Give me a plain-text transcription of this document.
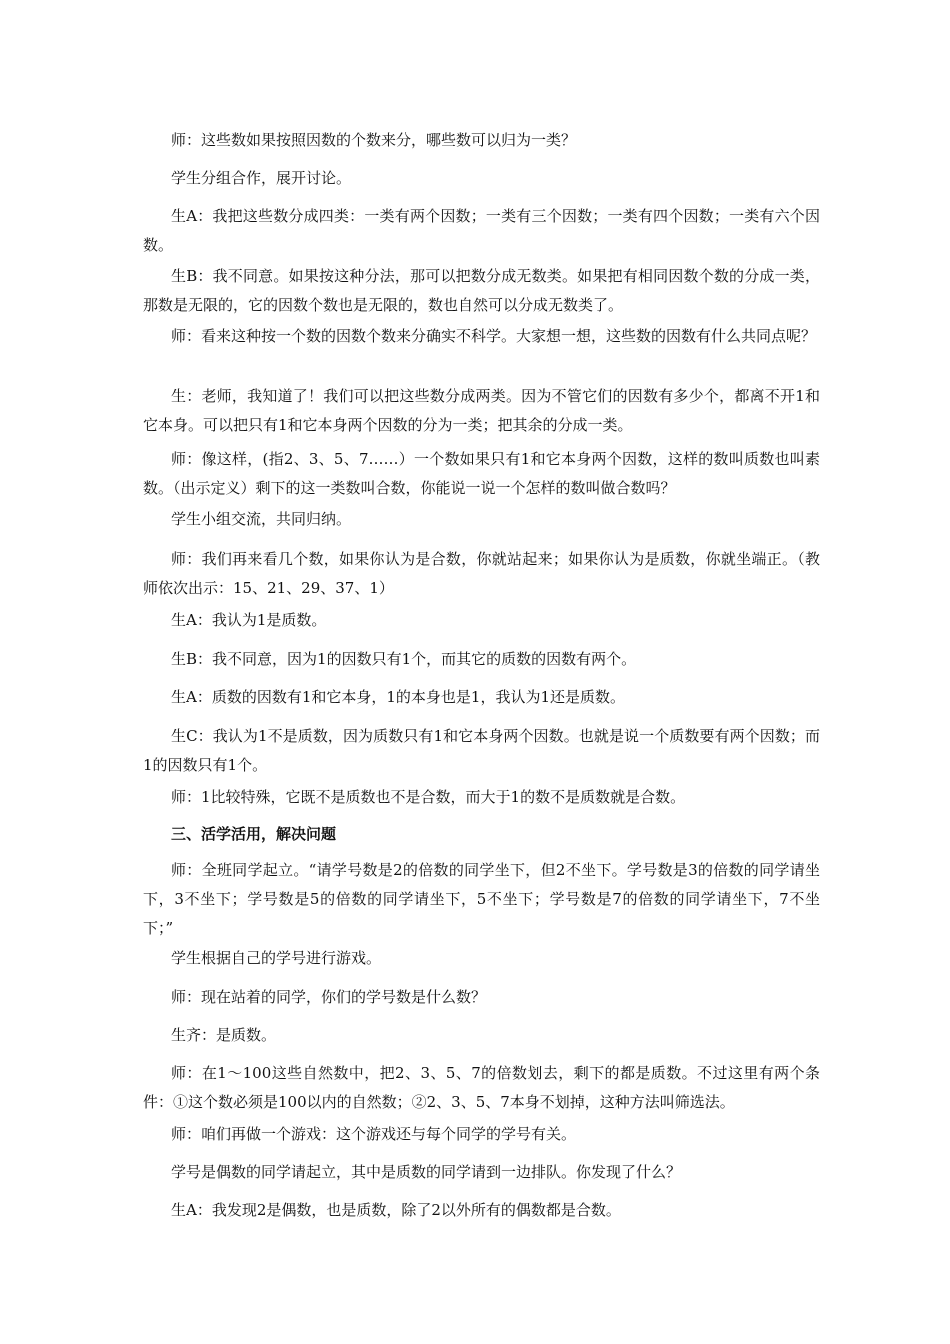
师：这些数如果按照因数的个数来分，哪些数可以归为一类？

学生分组合作，展开讨论。

生A：我把这些数分成四类：一类有两个因数；一类有三个因数；一类有四个因数；一类有六个因数。

生B：我不同意。如果按这种分法，那可以把数分成无数类。如果把有相同因数个数的分成一类，那数是无限的，它的因数个数也是无限的，数也自然可以分成无数类了。

师：看来这种按一个数的因数个数来分确实不科学。大家想一想，这些数的因数有什么共同点呢？

生：老师，我知道了！我们可以把这些数分成两类。因为不管它们的因数有多少个，都离不开1和它本身。可以把只有1和它本身两个因数的分为一类；把其余的分成一类。

师：像这样，(指2、3、5、7……）一个数如果只有1和它本身两个因数，这样的数叫质数也叫素数。（出示定义）剩下的这一类数叫合数，你能说一说一个怎样的数叫做合数吗？

学生小组交流，共同归纳。

师：我们再来看几个数，如果你认为是合数，你就站起来；如果你认为是质数，你就坐端正。（教师依次出示：15、21、29、37、1）

生A：我认为1是质数。

生B：我不同意，因为1的因数只有1个，而其它的质数的因数有两个。

生A：质数的因数有1和它本身，1的本身也是1，我认为1还是质数。

生C：我认为1不是质数，因为质数只有1和它本身两个因数。也就是说一个质数要有两个因数；而1的因数只有1个。

师：1比较特殊，它既不是质数也不是合数，而大于1的数不是质数就是合数。

三、活学活用，解决问题

师：全班同学起立。“请学号数是2的倍数的同学坐下，但2不坐下。学号数是3的倍数的同学请坐下，3不坐下；学号数是5的倍数的同学请坐下，5不坐下；学号数是7的倍数的同学请坐下，7不坐下；”

学生根据自己的学号进行游戏。

师：现在站着的同学，你们的学号数是什么数？

生齐：是质数。

师：在1～100这些自然数中，把2、3、5、7的倍数划去，剩下的都是质数。不过这里有两个条件：①这个数必须是100以内的自然数；②2、3、5、7本身不划掉，这种方法叫筛选法。

师：咱们再做一个游戏：这个游戏还与每个同学的学号有关。

学号是偶数的同学请起立，其中是质数的同学请到一边排队。你发现了什么？

生A：我发现2是偶数，也是质数，除了2以外所有的偶数都是合数。
